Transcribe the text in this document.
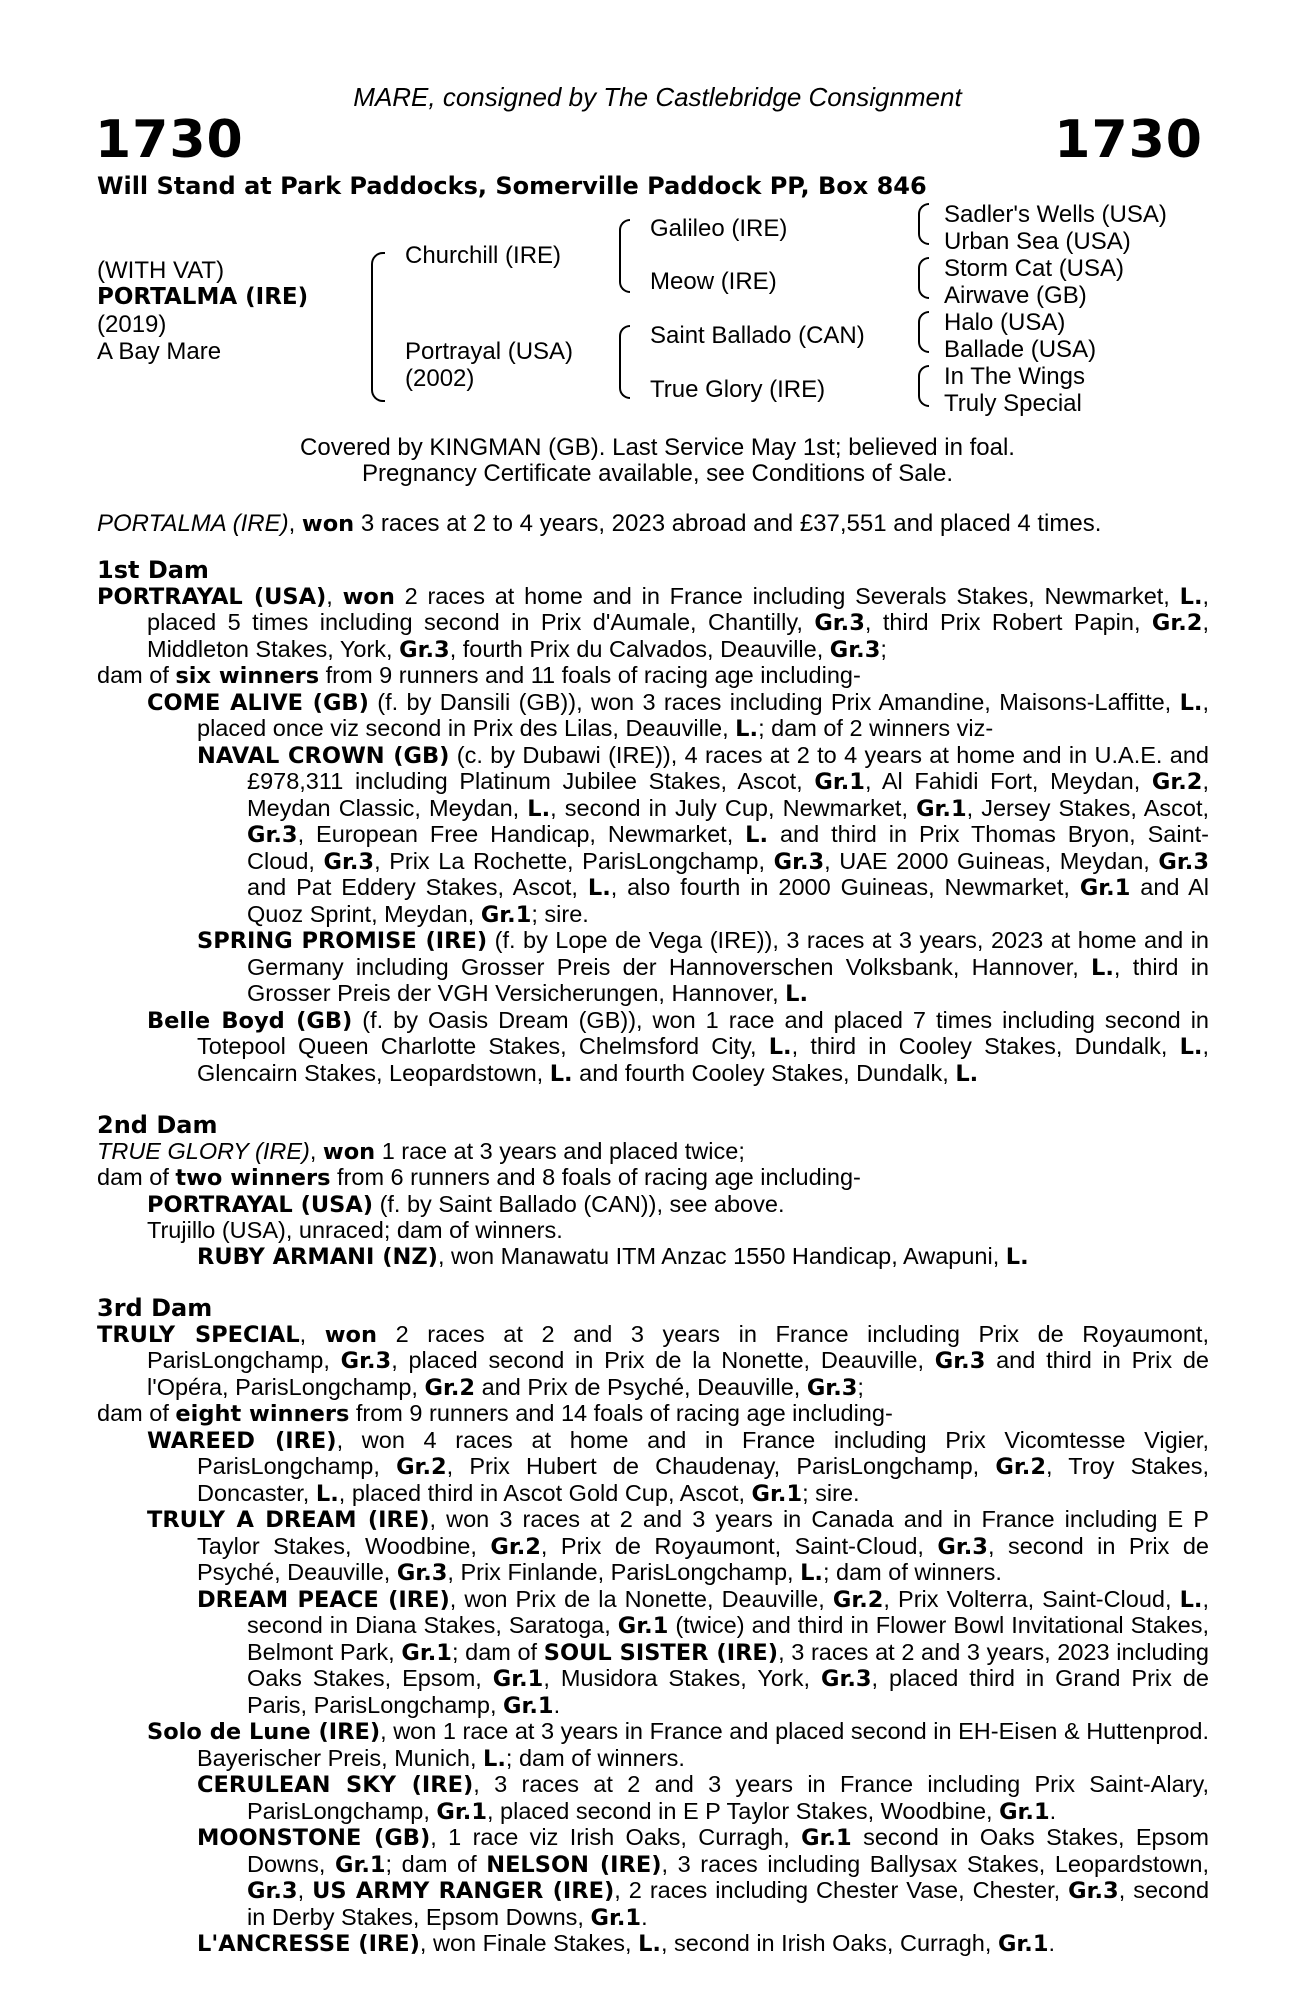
MARE, consigned by The Castlebridge Consignment
1730	1730
Will Stand at Park Paddocks, Somerville Paddock PP, Box 846
(WITH VAT)
PORTALMA (IRE)
(2019)
A Bay Mare
Churchill (IRE)
Portrayal (USA)
(2002)
Galileo (IRE)
Meow (IRE)
Saint Ballado (CAN)
True Glory (IRE)
Sadler's Wells (USA)
Urban Sea (USA)
Storm Cat (USA)
Airwave (GB)
Halo (USA)
Ballade (USA)
In The Wings
Truly Special
Covered by KINGMAN (GB). Last Service May 1st; believed in foal.
Pregnancy Certificate available, see Conditions of Sale.
PORTALMA (IRE), won 3 races at 2 to 4 years, 2023 abroad and £37,551 and placed 4 times.
1st Dam

PORTRAYAL (USA), won 2 races at home and in France including Severals Stakes, Newmarket, L., placed 5 times including second in Prix d'Aumale, Chantilly, Gr.3, third Prix Robert Papin, Gr.2, Middleton Stakes, York, Gr.3, fourth Prix du Calvados, Deauville, Gr.3;

dam of six winners from 9 runners and 11 foals of racing age including-

COME ALIVE (GB) (f. by Dansili (GB)), won 3 races including Prix Amandine, Maisons-Laffitte, L., placed once viz second in Prix des Lilas, Deauville, L.; dam of 2 winners viz-

NAVAL CROWN (GB) (c. by Dubawi (IRE)), 4 races at 2 to 4 years at home and in U.A.E. and £978,311 including Platinum Jubilee Stakes, Ascot, Gr.1, Al Fahidi Fort, Meydan, Gr.2, Meydan Classic, Meydan, L., second in July Cup, Newmarket, Gr.1, Jersey Stakes, Ascot, Gr.3, European Free Handicap, Newmarket, L. and third in Prix Thomas Bryon, Saint-Cloud, Gr.3, Prix La Rochette, ParisLongchamp, Gr.3, UAE 2000 Guineas, Meydan, Gr.3 and Pat Eddery Stakes, Ascot, L., also fourth in 2000 Guineas, Newmarket, Gr.1 and Al Quoz Sprint, Meydan, Gr.1; sire.

SPRING PROMISE (IRE) (f. by Lope de Vega (IRE)), 3 races at 3 years, 2023 at home and in Germany including Grosser Preis der Hannoverschen Volksbank, Hannover, L., third in Grosser Preis der VGH Versicherungen, Hannover, L.

Belle Boyd (GB) (f. by Oasis Dream (GB)), won 1 race and placed 7 times including second in Totepool Queen Charlotte Stakes, Chelmsford City, L., third in Cooley Stakes, Dundalk, L., Glencairn Stakes, Leopardstown, L. and fourth Cooley Stakes, Dundalk, L.

2nd Dam

TRUE GLORY (IRE), won 1 race at 3 years and placed twice;

dam of two winners from 6 runners and 8 foals of racing age including-

PORTRAYAL (USA) (f. by Saint Ballado (CAN)), see above.

Trujillo (USA), unraced; dam of winners.

RUBY ARMANI (NZ), won Manawatu ITM Anzac 1550 Handicap, Awapuni, L.

3rd Dam

TRULY SPECIAL, won 2 races at 2 and 3 years in France including Prix de Royaumont, ParisLongchamp, Gr.3, placed second in Prix de la Nonette, Deauville, Gr.3 and third in Prix de l'Opéra, ParisLongchamp, Gr.2 and Prix de Psyché, Deauville, Gr.3;

dam of eight winners from 9 runners and 14 foals of racing age including-

WAREED (IRE), won 4 races at home and in France including Prix Vicomtesse Vigier, ParisLongchamp, Gr.2, Prix Hubert de Chaudenay, ParisLongchamp, Gr.2, Troy Stakes, Doncaster, L., placed third in Ascot Gold Cup, Ascot, Gr.1; sire.

TRULY A DREAM (IRE), won 3 races at 2 and 3 years in Canada and in France including E P Taylor Stakes, Woodbine, Gr.2, Prix de Royaumont, Saint-Cloud, Gr.3, second in Prix de Psyché, Deauville, Gr.3, Prix Finlande, ParisLongchamp, L.; dam of winners.

DREAM PEACE (IRE), won Prix de la Nonette, Deauville, Gr.2, Prix Volterra, Saint-Cloud, L., second in Diana Stakes, Saratoga, Gr.1 (twice) and third in Flower Bowl Invitational Stakes, Belmont Park, Gr.1; dam of SOUL SISTER (IRE), 3 races at 2 and 3 years, 2023 including Oaks Stakes, Epsom, Gr.1, Musidora Stakes, York, Gr.3, placed third in Grand Prix de Paris, ParisLongchamp, Gr.1.

Solo de Lune (IRE), won 1 race at 3 years in France and placed second in EH-Eisen & Huttenprod. Bayerischer Preis, Munich, L.; dam of winners.

CERULEAN SKY (IRE), 3 races at 2 and 3 years in France including Prix Saint-Alary, ParisLongchamp, Gr.1, placed second in E P Taylor Stakes, Woodbine, Gr.1.

MOONSTONE (GB), 1 race viz Irish Oaks, Curragh, Gr.1 second in Oaks Stakes, Epsom Downs, Gr.1; dam of NELSON (IRE), 3 races including Ballysax Stakes, Leopardstown, Gr.3, US ARMY RANGER (IRE), 2 races including Chester Vase, Chester, Gr.3, second in Derby Stakes, Epsom Downs, Gr.1.

L'ANCRESSE (IRE), won Finale Stakes, L., second in Irish Oaks, Curragh, Gr.1.
